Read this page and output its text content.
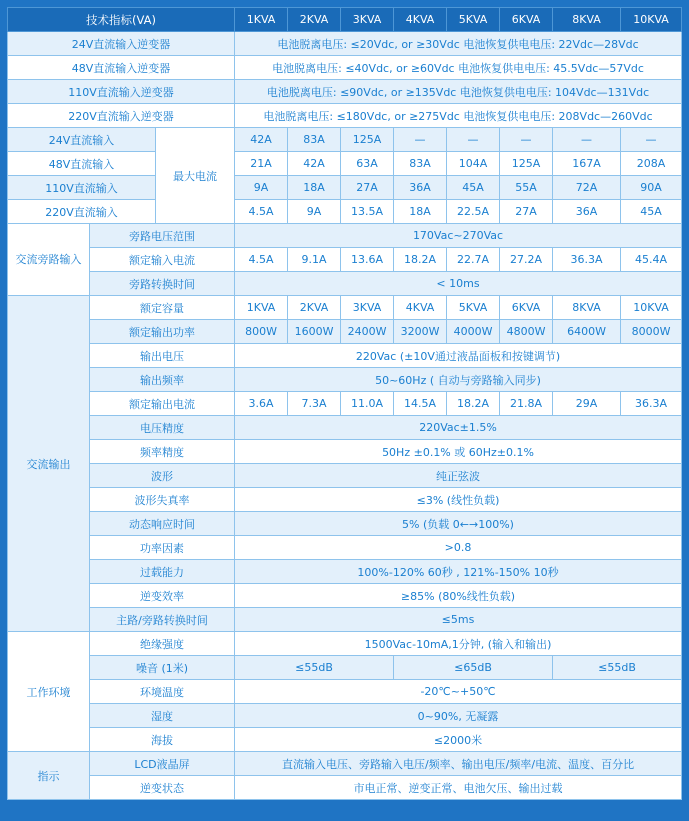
技术指标(VA)			1KVA	2KVA	3KVA	4KVA	5KVA	6KVA	8KVA	10KVA
24V直流输入逆变器			电池脱离电压: ≤20Vdc, or ≥30Vdc 电池恢复供电电压: 22Vdc—28Vdc							
48V直流输入逆变器			电池脱离电压: ≤40Vdc, or ≥60Vdc 电池恢复供电电压: 45.5Vdc—57Vdc							
110V直流输入逆变器			电池脱离电压: ≤90Vdc, or ≥135Vdc 电池恢复供电电压: 104Vdc—131Vdc							
220V直流输入逆变器			电池脱离电压: ≤180Vdc, or ≥275Vdc 电池恢复供电电压: 208Vdc—260Vdc							
24V直流输入		最大电流	42A	83A	125A	—	—	—	—	—
48V直流输入			21A	42A	63A	83A	104A	125A	167A	208A
110V直流输入			9A	18A	27A	36A	45A	55A	72A	90A
220V直流输入			4.5A	9A	13.5A	18A	22.5A	27A	36A	45A
交流旁路输入	旁路电压范围		170Vac~270Vac							
	额定输入电流		4.5A	9.1A	13.6A	18.2A	22.7A	27.2A	36.3A	45.4A
	旁路转换时间		< 10ms							
交流输出	额定容量		1KVA	2KVA	3KVA	4KVA	5KVA	6KVA	8KVA	10KVA
	额定输出功率		800W	1600W	2400W	3200W	4000W	4800W	6400W	8000W
	输出电压		220Vac (±10V通过液晶面板和按键调节)							
	输出频率		50~60Hz ( 自动与旁路输入同步)							
	额定输出电流		3.6A	7.3A	11.0A	14.5A	18.2A	21.8A	29A	36.3A
	电压精度		220Vac±1.5%							
	频率精度		50Hz ±0.1% 或 60Hz±0.1%							
	波形		纯正弦波							
	波形失真率		≤3% (线性负载)							
	动态响应时间		5% (负载 0←→100%)							
	功率因素		>0.8							
	过载能力		100%-120% 60秒 , 121%-150% 10秒							
	逆变效率		≥85% (80%线性负载)							
	主路/旁路转换时间		≤5ms							
工作环境	绝缘强度		1500Vac-10mA,1分钟, (输入和输出)							
	噪音 (1米)		≤55dB			≤65dB			≤55dB	
	环境温度		-20℃~+50℃							
	湿度		0~90%, 无凝露							
	海拔		≤2000米							
指示	LCD液晶屏		直流输入电压、旁路输入电压/频率、输出电压/频率/电流、温度、百分比							
	逆变状态		市电正常、逆变正常、电池欠压、输出过载							
